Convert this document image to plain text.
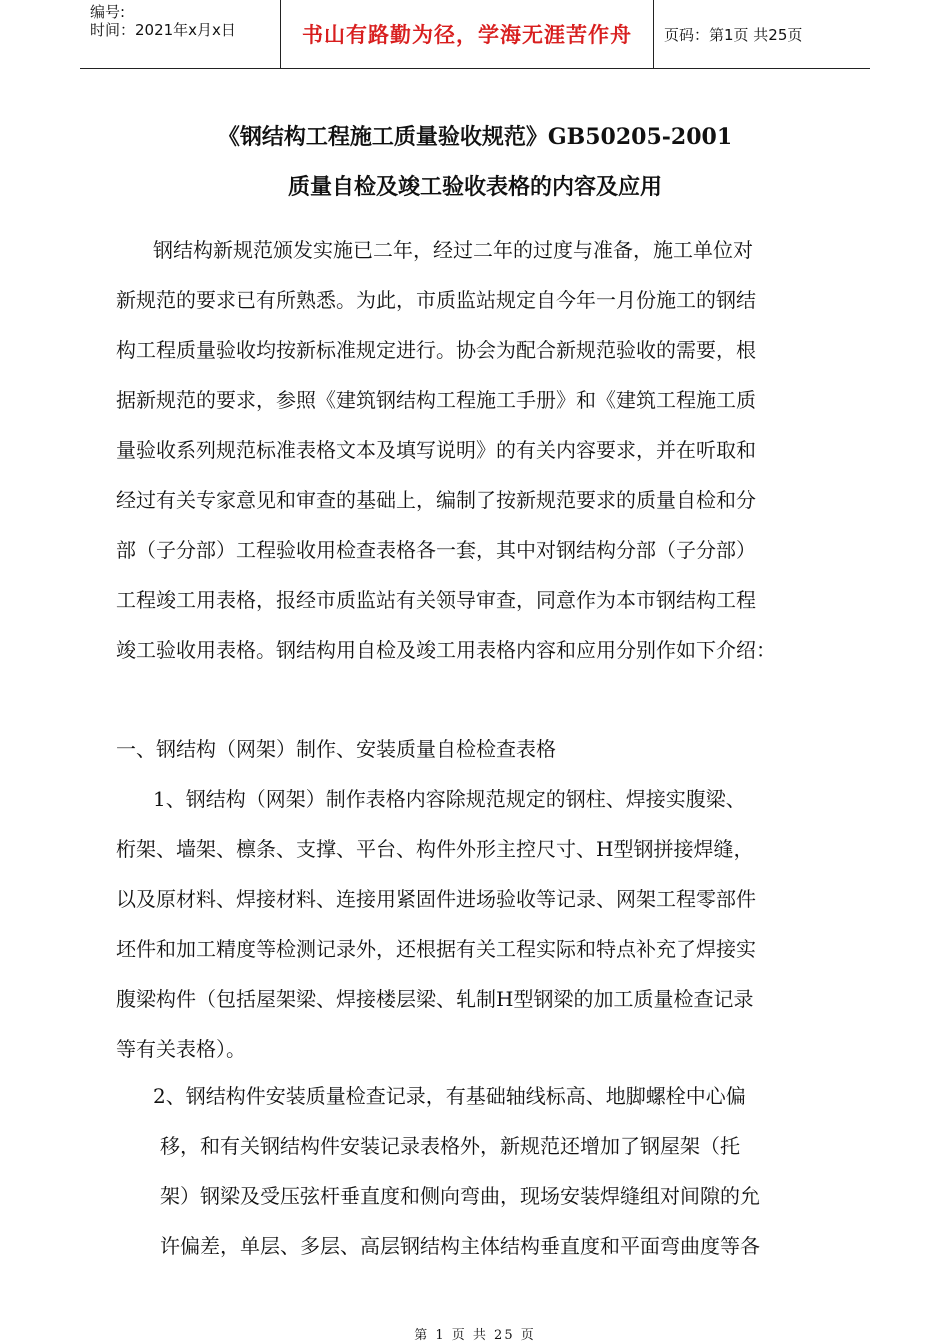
编号:
时间：2021年x月x日	书山有路勤为径，学海无涯苦作舟	页码：第1页 共25页
《钢结构工程施工质量验收规范》GB50205-2001
质量自检及竣工验收表格的内容及应用
钢结构新规范颁发实施已二年，经过二年的过度与准备，施工单位对
新规范的要求已有所熟悉。为此，市质监站规定自今年一月份施工的钢结
构工程质量验收均按新标准规定进行。协会为配合新规范验收的需要，根
据新规范的要求，参照《建筑钢结构工程施工手册》和《建筑工程施工质
量验收系列规范标准表格文本及填写说明》的有关内容要求，并在听取和
经过有关专家意见和审查的基础上，编制了按新规范要求的质量自检和分
部（子分部）工程验收用检查表格各一套，其中对钢结构分部（子分部）
工程竣工用表格，报经市质监站有关领导审查，同意作为本市钢结构工程
竣工验收用表格。钢结构用自检及竣工用表格内容和应用分别作如下介绍：
一、钢结构（网架）制作、安装质量自检检查表格
1、钢结构（网架）制作表格内容除规范规定的钢柱、焊接实腹梁、
桁架、墙架、檩条、支撑、平台、构件外形主控尺寸、H型钢拼接焊缝，
以及原材料、焊接材料、连接用紧固件进场验收等记录、网架工程零部件
坯件和加工精度等检测记录外，还根据有关工程实际和特点补充了焊接实
腹梁构件（包括屋架梁、焊接楼层梁、轧制H型钢梁的加工质量检查记录
等有关表格）。
2、钢结构件安装质量检查记录，有基础轴线标高、地脚螺栓中心偏
移，和有关钢结构件安装记录表格外，新规范还增加了钢屋架（托
架）钢梁及受压弦杆垂直度和侧向弯曲，现场安装焊缝组对间隙的允
许偏差，单层、多层、高层钢结构主体结构垂直度和平面弯曲度等各
第 1 页 共 25 页
